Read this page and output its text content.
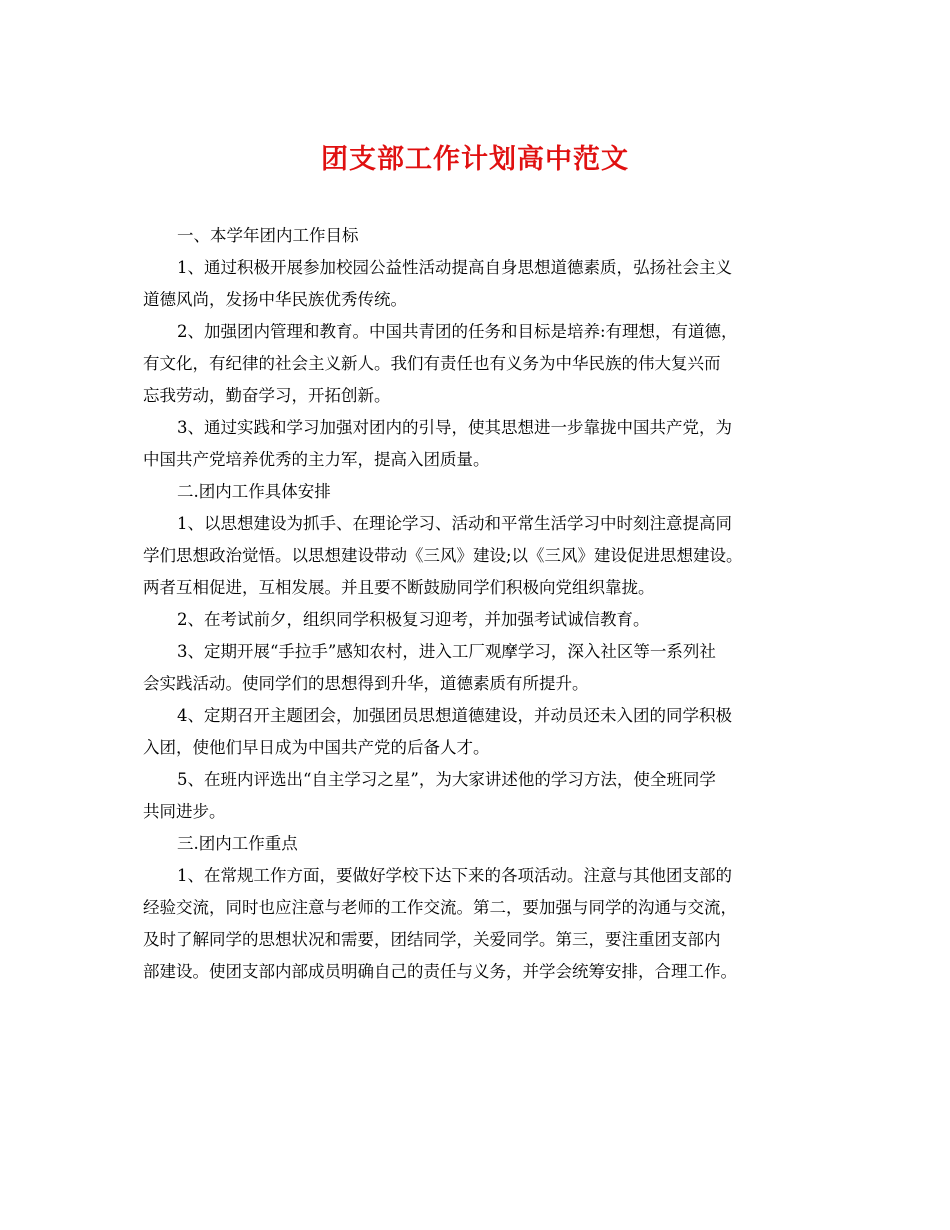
团支部工作计划高中范文
一、本学年团内工作目标
1、通过积极开展参加校园公益性活动提高自身思想道德素质，弘扬社会主义
道德风尚，发扬中华民族优秀传统。
2、加强团内管理和教育。中国共青团的任务和目标是培养:有理想，有道德，
有文化，有纪律的社会主义新人。我们有责任也有义务为中华民族的伟大复兴而
忘我劳动，勤奋学习，开拓创新。
3、通过实践和学习加强对团内的引导，使其思想进一步靠拢中国共产党，为
中国共产党培养优秀的主力军，提高入团质量。
二.团内工作具体安排
1、以思想建设为抓手、在理论学习、活动和平常生活学习中时刻注意提高同
学们思想政治觉悟。以思想建设带动《三风》建设;以《三风》建设促进思想建设。
两者互相促进，互相发展。并且要不断鼓励同学们积极向党组织靠拢。
2、在考试前夕，组织同学积极复习迎考，并加强考试诚信教育。
3、定期开展“手拉手”感知农村，进入工厂观摩学习，深入社区等一系列社
会实践活动。使同学们的思想得到升华，道德素质有所提升。
4、定期召开主题团会，加强团员思想道德建设，并动员还未入团的同学积极
入团，使他们早日成为中国共产党的后备人才。
5、在班内评选出“自主学习之星”，为大家讲述他的学习方法，使全班同学
共同进步。
三.团内工作重点
1、在常规工作方面，要做好学校下达下来的各项活动。注意与其他团支部的
经验交流，同时也应注意与老师的工作交流。第二，要加强与同学的沟通与交流，
及时了解同学的思想状况和需要，团结同学，关爱同学。第三，要注重团支部内
部建设。使团支部内部成员明确自己的责任与义务，并学会统筹安排，合理工作。
